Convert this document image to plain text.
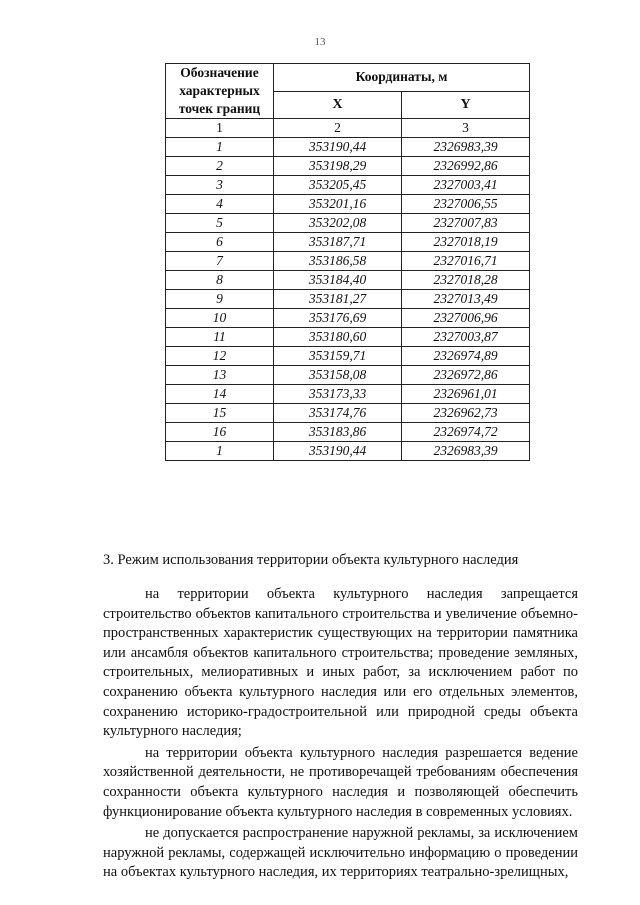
13
Обозначение характерных точек границ	Координаты, м	
	X	Y
1	2	3
1	353190,44	2326983,39
2	353198,29	2326992,86
3	353205,45	2327003,41
4	353201,16	2327006,55
5	353202,08	2327007,83
6	353187,71	2327018,19
7	353186,58	2327016,71
8	353184,40	2327018,28
9	353181,27	2327013,49
10	353176,69	2327006,96
11	353180,60	2327003,87
12	353159,71	2326974,89
13	353158,08	2326972,86
14	353173,33	2326961,01
15	353174,76	2326962,73
16	353183,86	2326974,72
1	353190,44	2326983,39
3. Режим использования территории объекта культурного наследия

на территории объекта культурного наследия запрещается строительство объектов капитального строительства и увеличение объемно-пространственных характеристик существующих на территории памятника или ансамбля объектов капитального строительства; проведение земляных, строительных, мелиоративных и иных работ, за исключением работ по сохранению объекта культурного наследия или его отдельных элементов, сохранению историко-градостроительной или природной среды объекта культурного наследия;

на территории объекта культурного наследия разрешается ведение хозяйственной деятельности, не противоречащей требованиям обеспечения сохранности объекта культурного наследия и позволяющей обеспечить функционирование объекта культурного наследия в современных условиях.

не допускается распространение наружной рекламы, за исключением наружной рекламы, содержащей исключительно информацию о проведении на объектах культурного наследия, их территориях театрально-зрелищных,
